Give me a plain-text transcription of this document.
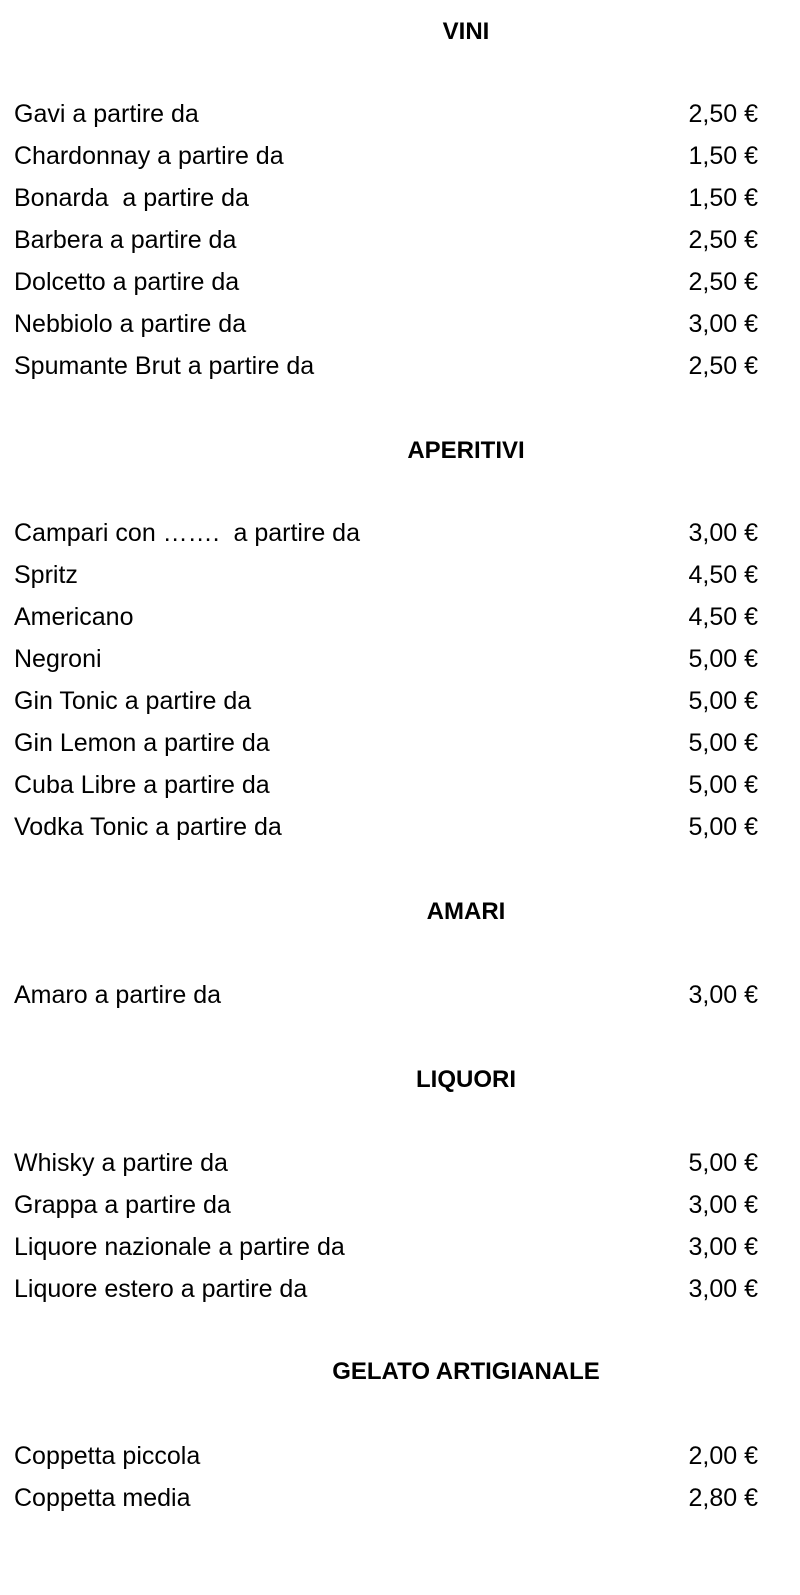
VINI
Gavi a partire da	2,50 €
Chardonnay a partire da	1,50 €
Bonarda  a partire da	1,50 €
Barbera a partire da	2,50 €
Dolcetto a partire da	2,50 €
Nebbiolo a partire da	3,00 €
Spumante Brut a partire da	2,50 €
APERITIVI
Campari con …….  a partire da	3,00 €
Spritz	4,50 €
Americano	4,50 €
Negroni	5,00 €
Gin Tonic a partire da	5,00 €
Gin Lemon a partire da	5,00 €
Cuba Libre a partire da	5,00 €
Vodka Tonic a partire da	5,00 €
AMARI
Amaro a partire da	3,00 €
LIQUORI
Whisky a partire da	5,00 €
Grappa a partire da	3,00 €
Liquore nazionale a partire da	3,00 €
Liquore estero a partire da	3,00 €
GELATO ARTIGIANALE
Coppetta piccola	2,00 €
Coppetta media	2,80 €
